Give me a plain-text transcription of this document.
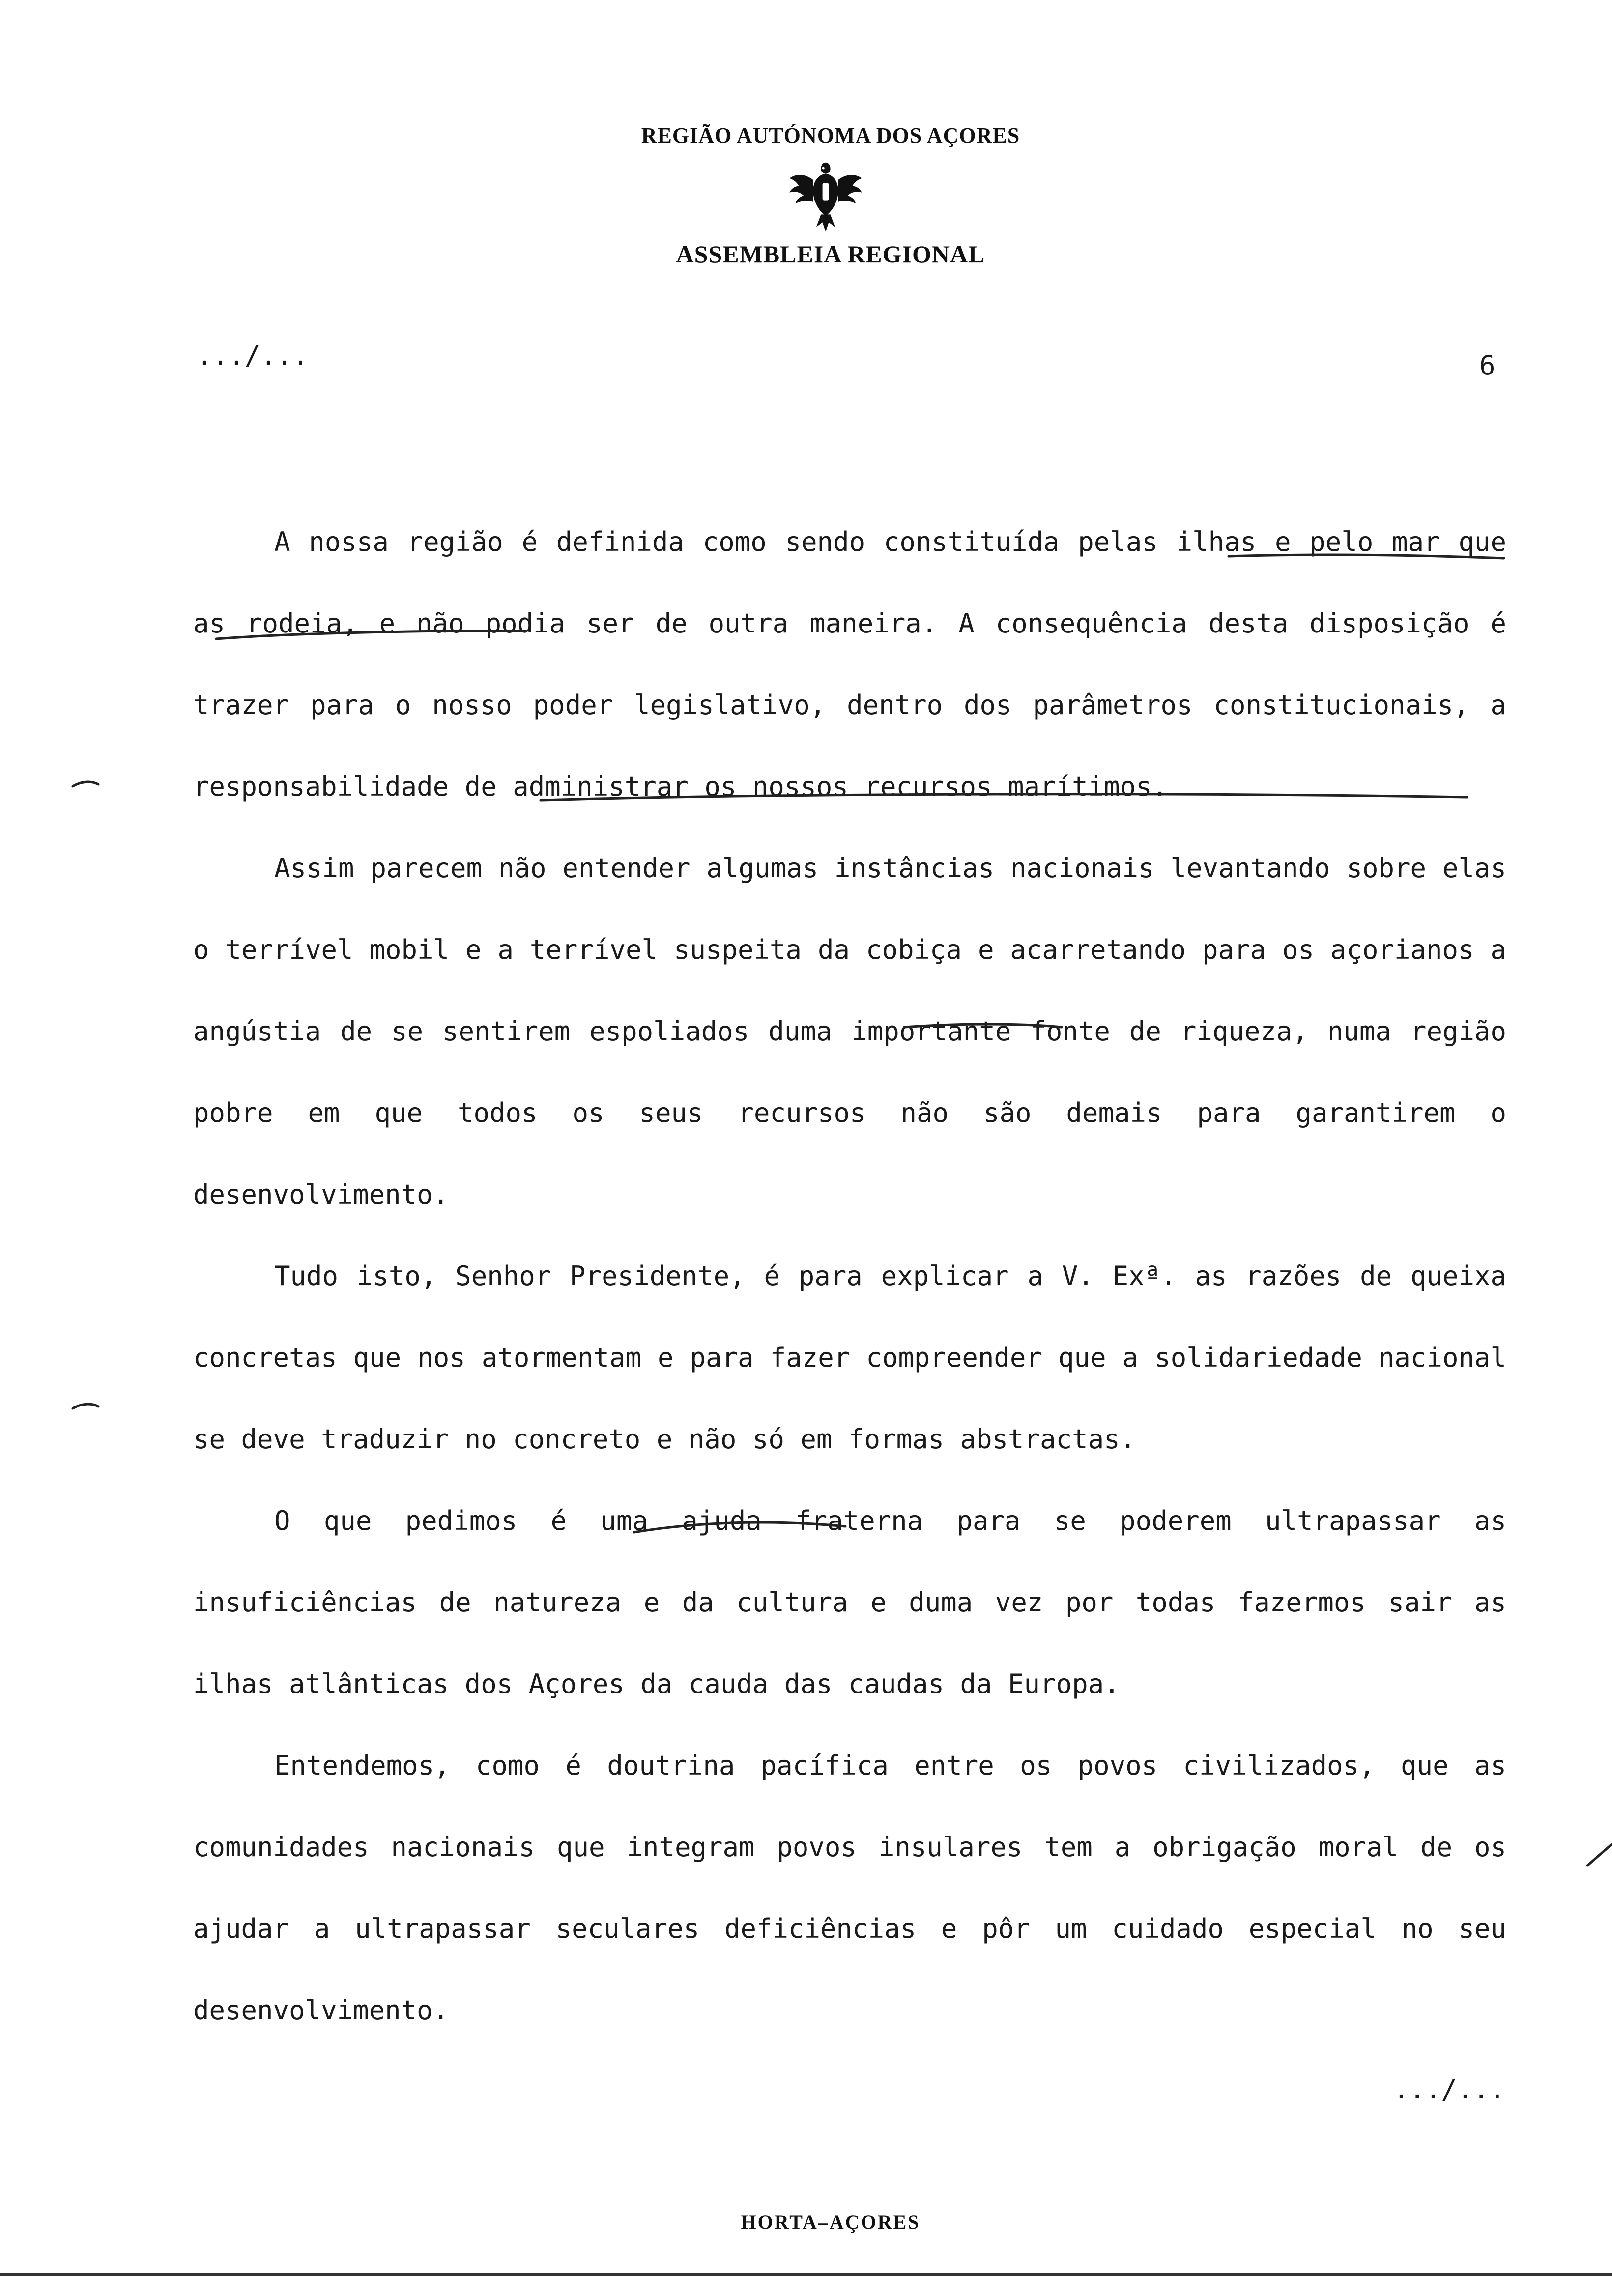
REGIÃO AUTÓNOMA DOS AÇORES
ASSEMBLEIA REGIONAL
.../...	6

A nossa região é definida como sendo constituída pelas ilhas e pelo mar que as rodeia, e não podia ser de outra maneira. A consequência desta disposição é trazer para o nosso poder legislativo, dentro dos parâmetros constitucionais, a responsabilidade de administrar os nossos recursos marítimos.

Assim parecem não entender algumas instâncias nacionais levantando sobre elas o terrível mobil e a terrível suspeita da cobiça e acarretando para os açorianos a angústia de se sentirem espoliados duma importante fonte de riqueza, numa região pobre em que todos os seus recursos não são demais para garantirem o desenvolvimento.

Tudo isto, Senhor Presidente, é para explicar a V. Exª. as razões de queixa concretas que nos atormentam e para fazer compreender que a solidariedade nacional se deve traduzir no concreto e não só em formas abstractas.

O que pedimos é uma ajuda fraterna para se poderem ultrapassar as insuficiências de natureza e da cultura e duma vez por todas fazermos sair as ilhas atlânticas dos Açores da cauda das caudas da Europa.

Entendemos, como é doutrina pacífica entre os povos civilizados, que as comunidades nacionais que integram povos insulares tem a obrigação moral de os ajudar a ultrapassar seculares deficiências e pôr um cuidado especial no seu desenvolvimento.

.../...
HORTA–AÇORES
